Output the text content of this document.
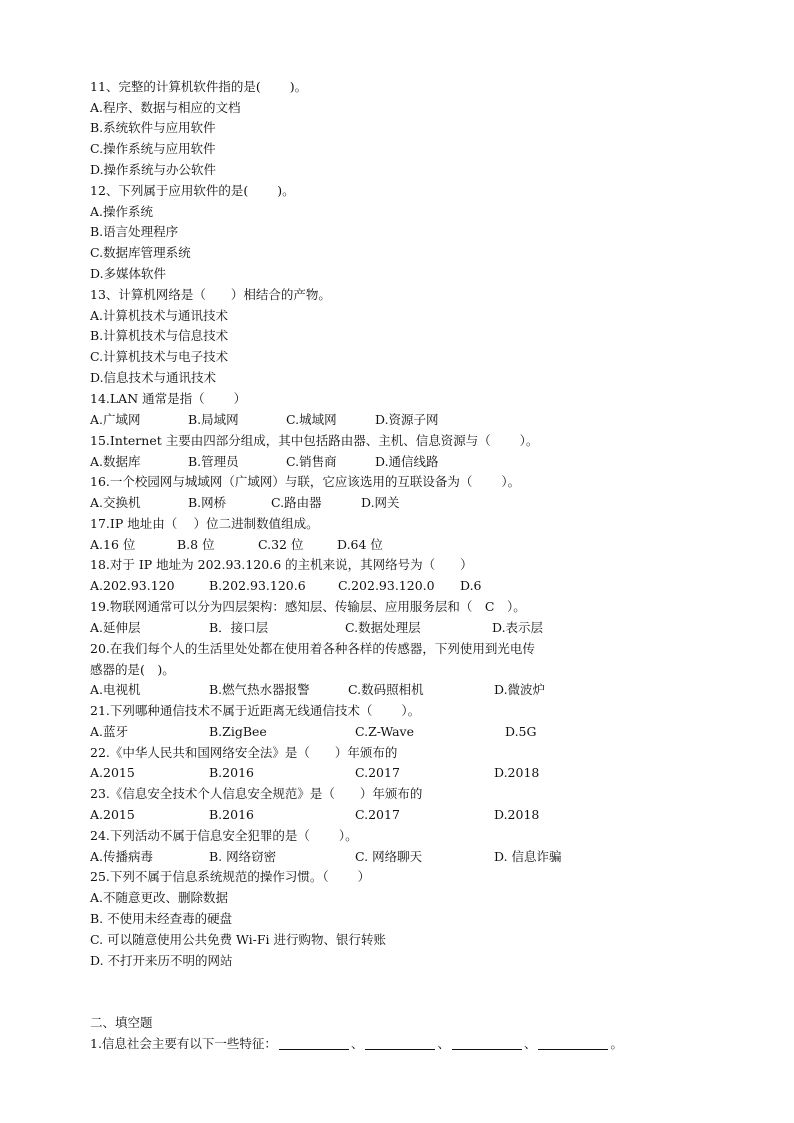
11、完整的计算机软件指的是(　　 )。
A.程序、数据与相应的文档
B.系统软件与应用软件
C.操作系统与应用软件
D.操作系统与办公软件
12、下列属于应用软件的是(　　 )。
A.操作系统
B.语言处理程序
C.数据库管理系统
D.多媒体软件
13、计算机网络是（　　）相结合的产物。
A.计算机技术与通讯技术
B.计算机技术与信息技术
C.计算机技术与电子技术
D.信息技术与通讯技术
14.LAN 通常是指（　　 ）
A.广域网	B.局域网	C.城域网	D.资源子网
15.Internet 主要由四部分组成，其中包括路由器、主机、信息资源与（　　 ）。
A.数据库	B.管理员	C.销售商	D.通信线路
16.一个校园网与城域网（广域网）与联，它应该选用的互联设备为（　　 ）。
A.交换机	B.网桥	C.路由器	D.网关
17.IP 地址由（　 ）位二进制数值组成。
A.16 位	B.8 位	C.32 位	D.64 位
18.对于 IP 地址为 202.93.120.6 的主机来说，其网络号为（　　）
A.202.93.120	B.202.93.120.6	C.202.93.120.0 D.6
19.物联网通常可以分为四层架构：感知层、传输层、应用服务层和（　C　）。
A.延伸层	B．接口层	C.数据处理层	D.表示层
20.在我们每个人的生活里处处都在使用着各种各样的传感器，下列使用到光电传
感器的是(　)。
A.电视机	B.燃气热水器报警	C.数码照相机	D.微波炉
21.下列哪种通信技术不属于近距离无线通信技术（　　 ）。
A.蓝牙	B.ZigBee	C.Z-Wave	D.5G
22.《中华人民共和国网络安全法》是（　　）年颁布的
A.2015	B.2016	C.2017	D.2018
23.《信息安全技术个人信息安全规范》是（　　）年颁布的
A.2015	B.2016	C.2017	D.2018
24.下列活动不属于信息安全犯罪的是（　　 ）。
A.传播病毒	B. 网络窃密	C. 网络聊天	D. 信息诈骗
25.下列不属于信息系统规范的操作习惯。（　　 ）
A.不随意更改、删除数据
B. 不使用未经查毒的硬盘
C. 可以随意使用公共免费 Wi-Fi 进行购物、银行转账
D. 不打开来历不明的网站
二、填空题
1.信息社会主要有以下一些特征：	、	、	、	。
